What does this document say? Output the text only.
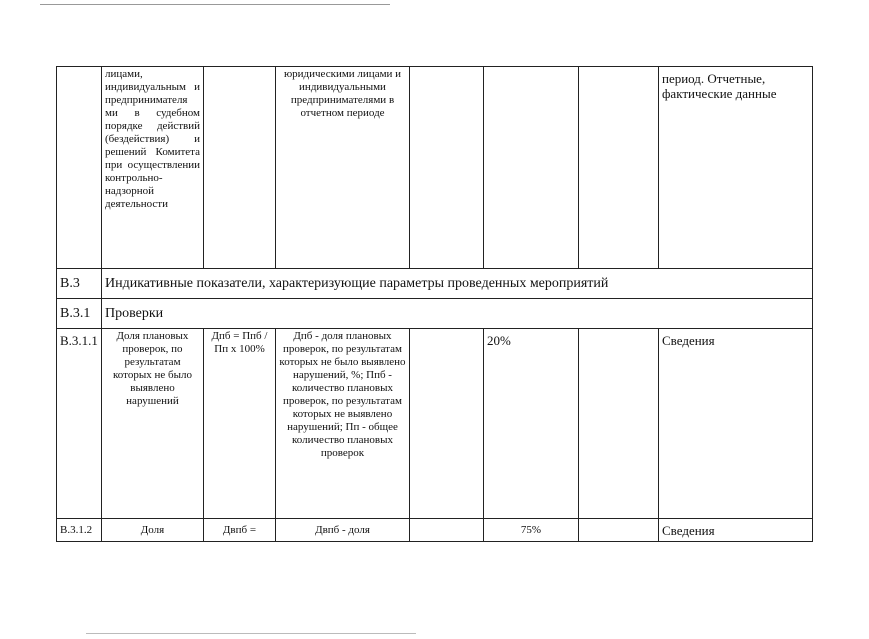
	лицами, индивидуальным и предпринимателя ми в судебном порядке действий (бездействия) и решений Комитета при осуществлении контрольно-надзорной деятельности		юридическими лицами и индивидуальными предпринимателями в отчетном периоде				период. Отчетные, фактические данные
В.3	Индикативные показатели, характеризующие параметры проведенных мероприятий						
В.3.1	Проверки						
В.3.1.1	Доля плановых проверок, по результатам которых не было выявлено нарушений	Дпб = Ппб / Пп х 100%	Дпб - доля плановых проверок, по результатам которых не было выявлено нарушений, %; Ппб - количество плановых проверок, по результатам которых не выявлено нарушений; Пп - общее количество плановых проверок		20%		Сведения
В.3.1.2	Доля	Двпб =	Двпб - доля		75%		Сведения
